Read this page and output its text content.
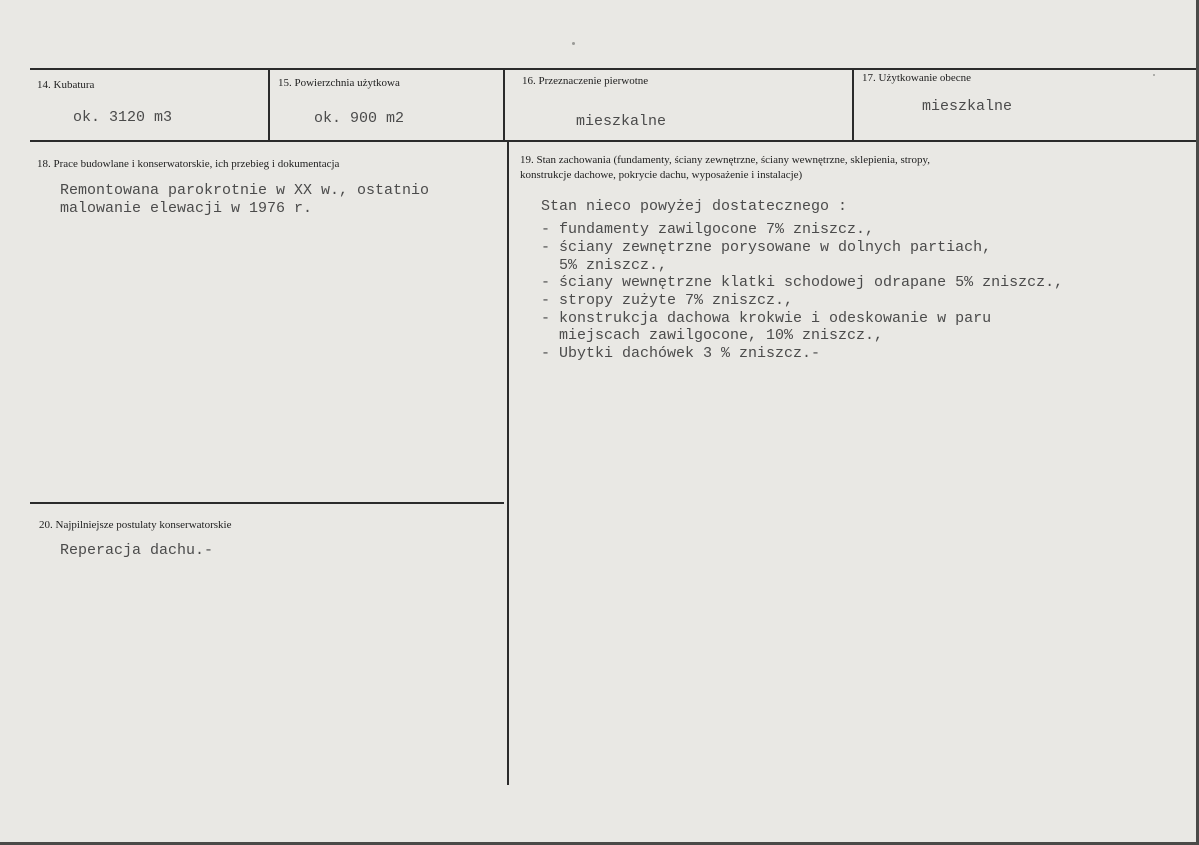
14. Kubatura
ok. 3120 m3
15. Powierzchnia użytkowa
ok. 900 m2
16. Przeznaczenie pierwotne
mieszkalne
17. Użytkowanie obecne
mieszkalne
18. Prace budowlane i konserwatorskie, ich przebieg i dokumentacja
Remontowana parokrotnie w XX w., ostatnio
malowanie elewacji w 1976 r.
19. Stan zachowania (fundamenty, ściany zewnętrzne, ściany wewnętrzne, sklepienia, stropy,
konstrukcje dachowe, pokrycie dachu, wyposażenie i instalacje)
Stan nieco powyżej dostatecznego :
- fundamenty zawilgocone 7% zniszcz.,
- ściany zewnętrzne porysowane w dolnych partiach,
5% zniszcz.,
- ściany wewnętrzne klatki schodowej odrapane 5% zniszcz.,
- stropy zużyte 7% zniszcz.,
- konstrukcja dachowa krokwie i odeskowanie w paru
miejscach zawilgocone, 10% zniszcz.,
- Ubytki dachówek 3 % zniszcz.-
20. Najpilniejsze postulaty konserwatorskie
Reperacja dachu.-
